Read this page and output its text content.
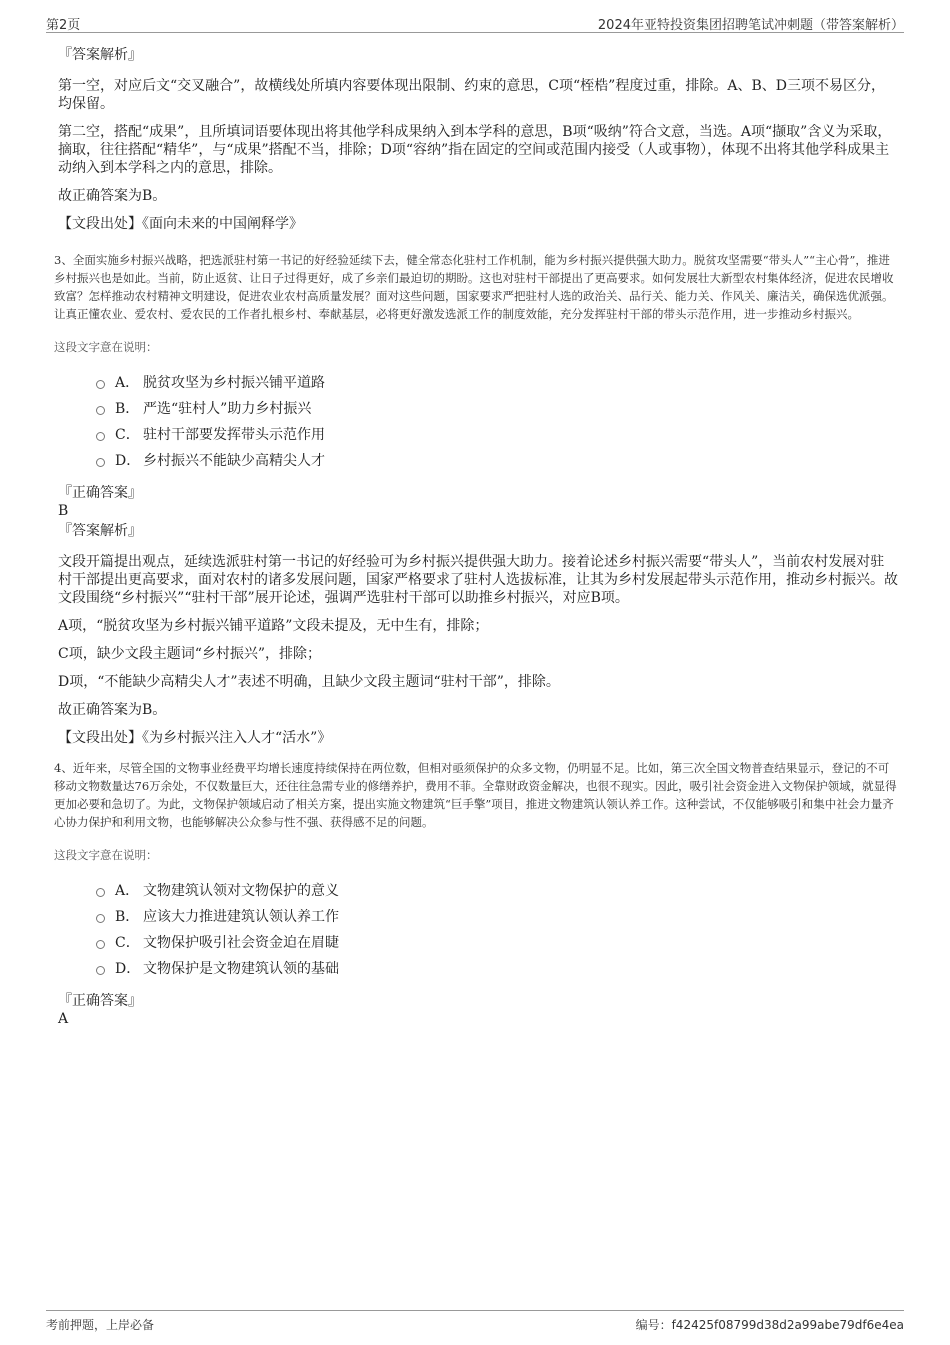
第2页	2024年亚特投资集团招聘笔试冲刺题（带答案解析）

『答案解析』

第一空，对应后文“交叉融合”，故横线处所填内容要体现出限制、约束的意思，C项“桎梏”程度过重，排除。A、B、D三项不易区分，均保留。

第二空，搭配“成果”，且所填词语要体现出将其他学科成果纳入到本学科的意思，B项“吸纳”符合文意，当选。A项“撷取”含义为采取，摘取，往往搭配“精华”，与“成果”搭配不当，排除；D项“容纳”指在固定的空间或范围内接受（人或事物），体现不出将其他学科成果主动纳入到本学科之内的意思，排除。

故正确答案为B。

【文段出处】《面向未来的中国阐释学》

3、全面实施乡村振兴战略，把选派驻村第一书记的好经验延续下去，健全常态化驻村工作机制，能为乡村振兴提供强大助力。脱贫攻坚需要“带头人”“主心骨”，推进乡村振兴也是如此。当前，防止返贫、让日子过得更好，成了乡亲们最迫切的期盼。这也对驻村干部提出了更高要求。如何发展壮大新型农村集体经济，促进农民增收致富？怎样推动农村精神文明建设，促进农业农村高质量发展？面对这些问题，国家要求严把驻村人选的政治关、品行关、能力关、作风关、廉洁关，确保选优派强。让真正懂农业、爱农村、爱农民的工作者扎根乡村、奉献基层，必将更好激发选派工作的制度效能，充分发挥驻村干部的带头示范作用，进一步推动乡村振兴。

这段文字意在说明：

A． 脱贫攻坚为乡村振兴铺平道路
B． 严选“驻村人”助力乡村振兴
C． 驻村干部要发挥带头示范作用
D． 乡村振兴不能缺少高精尖人才

『正确答案』

B

『答案解析』

文段开篇提出观点，延续选派驻村第一书记的好经验可为乡村振兴提供强大助力。接着论述乡村振兴需要“带头人”，当前农村发展对驻村干部提出更高要求，面对农村的诸多发展问题，国家严格要求了驻村人选拔标准，让其为乡村发展起带头示范作用，推动乡村振兴。故文段围绕“乡村振兴”“驻村干部”展开论述，强调严选驻村干部可以助推乡村振兴，对应B项。

A项，“脱贫攻坚为乡村振兴铺平道路”文段未提及，无中生有，排除；

C项，缺少文段主题词“乡村振兴”，排除；

D项，“不能缺少高精尖人才”表述不明确，且缺少文段主题词“驻村干部”，排除。

故正确答案为B。

【文段出处】《为乡村振兴注入人才“活水”》

4、近年来，尽管全国的文物事业经费平均增长速度持续保持在两位数，但相对亟须保护的众多文物，仍明显不足。比如，第三次全国文物普查结果显示，登记的不可移动文物数量达76万余处，不仅数量巨大，还往往急需专业的修缮养护，费用不菲。全靠财政资金解决，也很不现实。因此，吸引社会资金进入文物保护领域，就显得更加必要和急切了。为此，文物保护领域启动了相关方案，提出实施文物建筑“巨手擎”项目，推进文物建筑认领认养工作。这种尝试，不仅能够吸引和集中社会力量齐心协力保护和利用文物，也能够解决公众参与性不强、获得感不足的问题。

这段文字意在说明：

A． 文物建筑认领对文物保护的意义
B． 应该大力推进建筑认领认养工作
C． 文物保护吸引社会资金迫在眉睫
D． 文物保护是文物建筑认领的基础

『正确答案』

A

考前押题，上岸必备	编号：f42425f08799d38d2a99abe79df6e4ea
